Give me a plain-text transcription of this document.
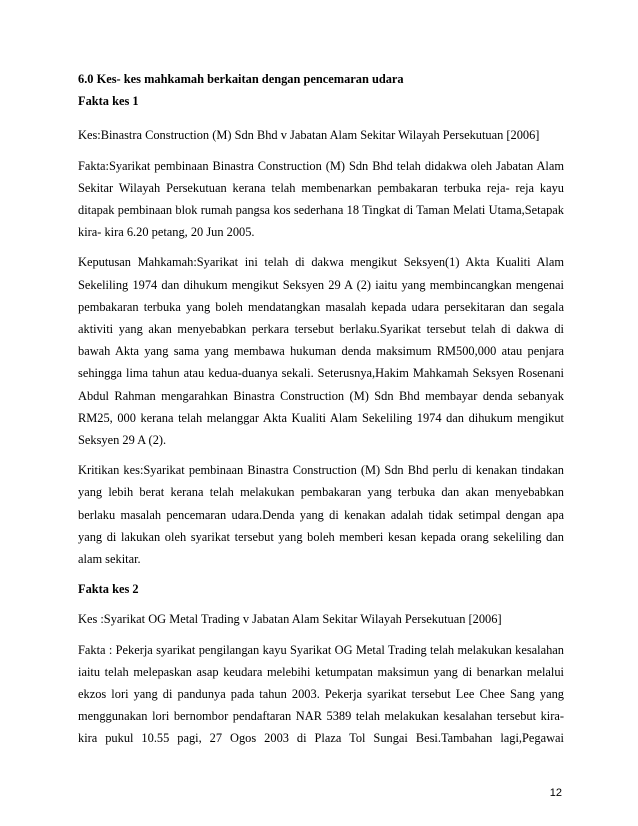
6.0 Kes- kes mahkamah berkaitan dengan pencemaran udara
Fakta kes 1
Kes:Binastra Construction (M) Sdn Bhd v Jabatan Alam Sekitar Wilayah Persekutuan [2006]
Fakta:Syarikat pembinaan Binastra Construction (M) Sdn Bhd telah didakwa oleh Jabatan Alam Sekitar Wilayah Persekutuan kerana telah membenarkan pembakaran terbuka reja- reja kayu ditapak pembinaan blok rumah pangsa kos sederhana 18 Tingkat di Taman Melati Utama,Setapak kira- kira 6.20 petang, 20 Jun 2005.
Keputusan Mahkamah:Syarikat ini telah di dakwa mengikut Seksyen(1) Akta Kualiti Alam Sekeliling 1974 dan dihukum mengikut Seksyen 29 A (2) iaitu yang membincangkan mengenai pembakaran terbuka yang boleh mendatangkan masalah kepada udara persekitaran dan segala aktiviti yang akan menyebabkan perkara tersebut berlaku.Syarikat tersebut telah di dakwa di bawah Akta yang sama yang membawa hukuman denda maksimum RM500,000 atau penjara sehingga lima tahun atau kedua-duanya sekali. Seterusnya,Hakim Mahkamah Seksyen Rosenani Abdul Rahman mengarahkan Binastra Construction (M) Sdn Bhd membayar denda sebanyak RM25, 000 kerana telah melanggar Akta Kualiti Alam Sekeliling 1974 dan dihukum mengikut Seksyen 29 A (2).
Kritikan kes:Syarikat pembinaan Binastra Construction (M) Sdn Bhd perlu di kenakan tindakan yang lebih berat kerana telah melakukan pembakaran yang terbuka dan akan menyebabkan berlaku masalah pencemaran udara.Denda yang di kenakan adalah tidak setimpal dengan apa yang di lakukan oleh syarikat tersebut yang boleh memberi kesan kepada orang sekeliling dan alam sekitar.
Fakta kes 2
Kes :Syarikat OG Metal Trading v Jabatan Alam Sekitar Wilayah Persekutuan [2006]
Fakta : Pekerja syarikat pengilangan kayu Syarikat OG Metal Trading telah melakukan kesalahan iaitu telah melepaskan asap keudara melebihi ketumpatan maksimun yang di benarkan melalui ekzos lori yang di pandunya pada tahun 2003. Pekerja syarikat tersebut Lee Chee Sang yang menggunakan lori bernombor pendaftaran NAR 5389 telah melakukan kesalahan tersebut kira-kira pukul 10.55 pagi, 27 Ogos 2003 di Plaza Tol Sungai Besi.Tambahan lagi,Pegawai
12
